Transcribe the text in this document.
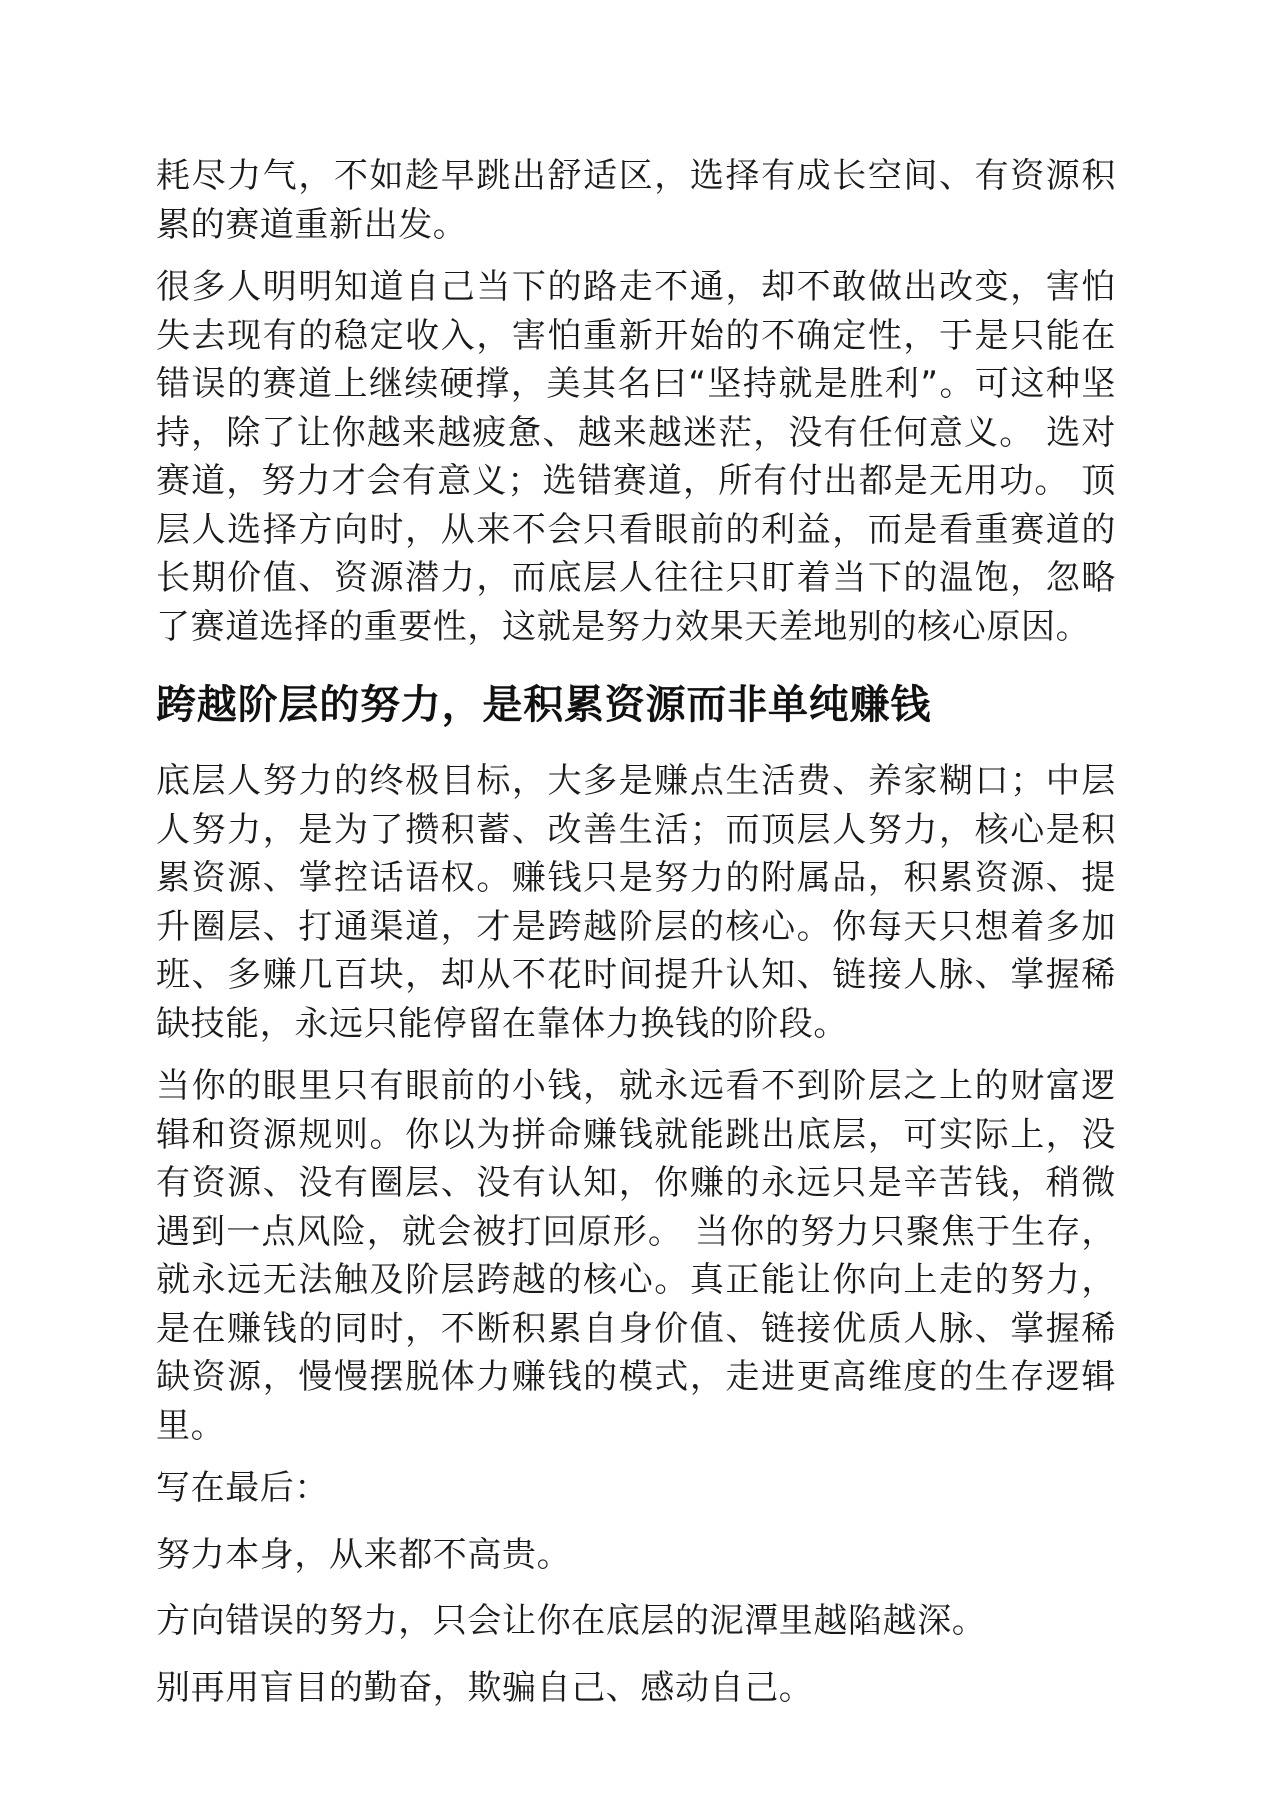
耗尽力气，不如趁早跳出舒适区，选择有成长空间、有资源积累的赛道重新出发。

很多人明明知道自己当下的路走不通，却不敢做出改变，害怕失去现有的稳定收入，害怕重新开始的不确定性，于是只能在错误的赛道上继续硬撑，美其名曰“坚持就是胜利”。可这种坚持，除了让你越来越疲惫、越来越迷茫，没有任何意义。 选对赛道，努力才会有意义；选错赛道，所有付出都是无用功。 顶层人选择方向时，从来不会只看眼前的利益，而是看重赛道的长期价值、资源潜力，而底层人往往只盯着当下的温饱，忽略了赛道选择的重要性，这就是努力效果天差地别的核心原因。

跨越阶层的努力，是积累资源而非单纯赚钱

底层人努力的终极目标，大多是赚点生活费、养家糊口；中层人努力，是为了攒积蓄、改善生活；而顶层人努力，核心是积累资源、掌控话语权。赚钱只是努力的附属品，积累资源、提升圈层、打通渠道，才是跨越阶层的核心。你每天只想着多加班、多赚几百块，却从不花时间提升认知、链接人脉、掌握稀缺技能，永远只能停留在靠体力换钱的阶段。

当你的眼里只有眼前的小钱，就永远看不到阶层之上的财富逻辑和资源规则。你以为拼命赚钱就能跳出底层，可实际上，没有资源、没有圈层、没有认知，你赚的永远只是辛苦钱，稍微遇到一点风险，就会被打回原形。 当你的努力只聚焦于生存，就永远无法触及阶层跨越的核心。真正能让你向上走的努力，是在赚钱的同时，不断积累自身价值、链接优质人脉、掌握稀缺资源，慢慢摆脱体力赚钱的模式，走进更高维度的生存逻辑里。

写在最后：

努力本身，从来都不高贵。

方向错误的努力，只会让你在底层的泥潭里越陷越深。

别再用盲目的勤奋，欺骗自己、感动自己。
